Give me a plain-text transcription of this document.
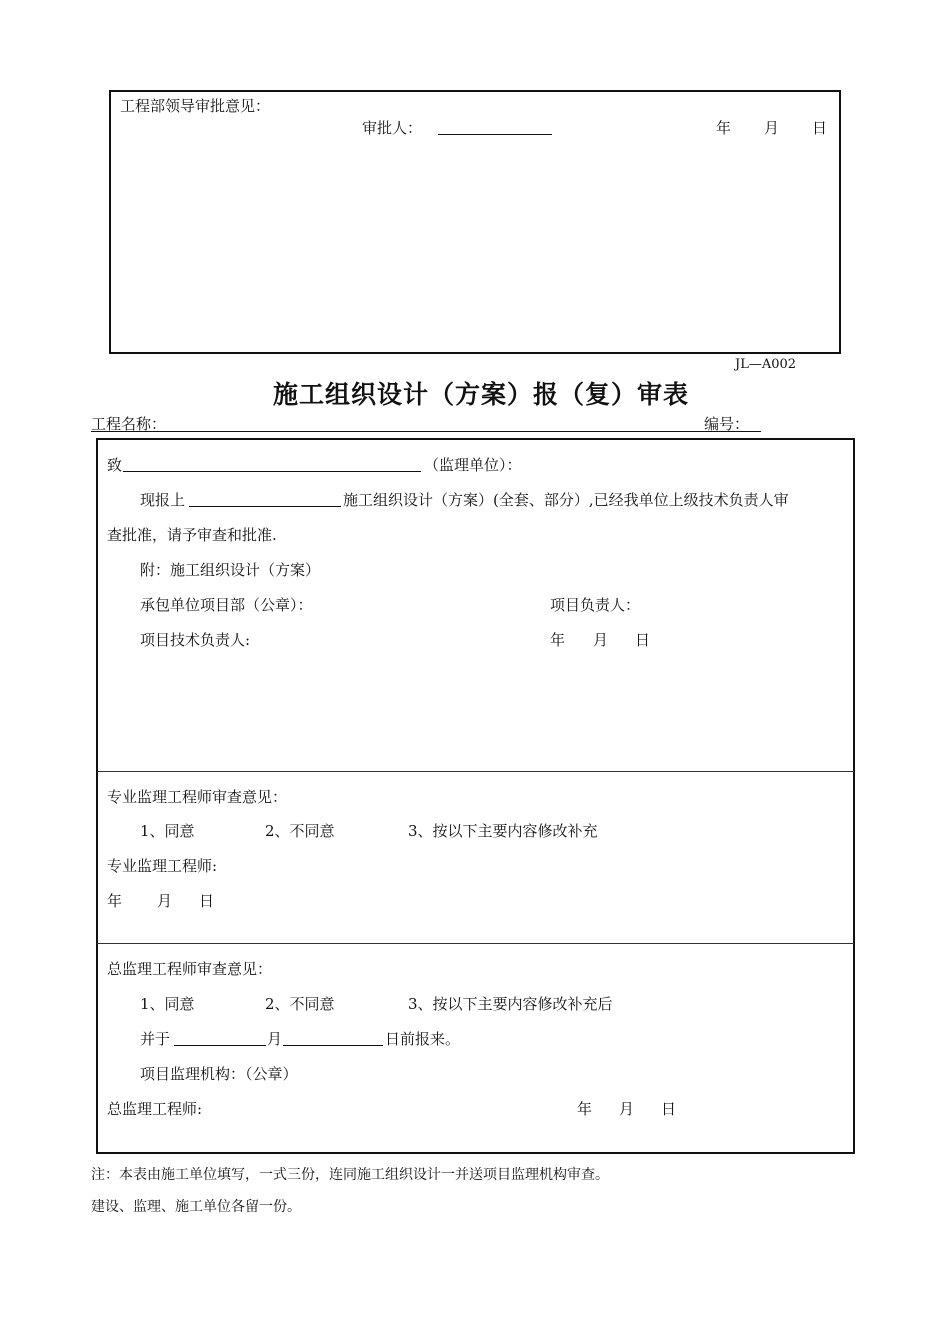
工程部领导审批意见：
审批人：	年 月 日
JL—A002
施工组织设计（方案）报（复）审表
工程名称：	编号：
致	（监理单位）：
现报上	施工组织设计（方案）(全套、部分）,已经我单位上级技术负责人审
查批准，请予审查和批准.
附：施工组织设计（方案）
承包单位项目部（公章）：	项目负责人：
项目技术负责人:	年 月 日
专业监理工程师审查意见：
1、同意	2、不同意	3、按以下主要内容修改补充
专业监理工程师:
年 月 日
总监理工程师审查意见：
1、同意	2、不同意	3、按以下主要内容修改补充后
并于	月	日前报来。
项目监理机构：（公章）
总监理工程师:	年 月 日
注：本表由施工单位填写，一式三份，连同施工组织设计一并送项目监理机构审查。
建设、监理、施工单位各留一份。
